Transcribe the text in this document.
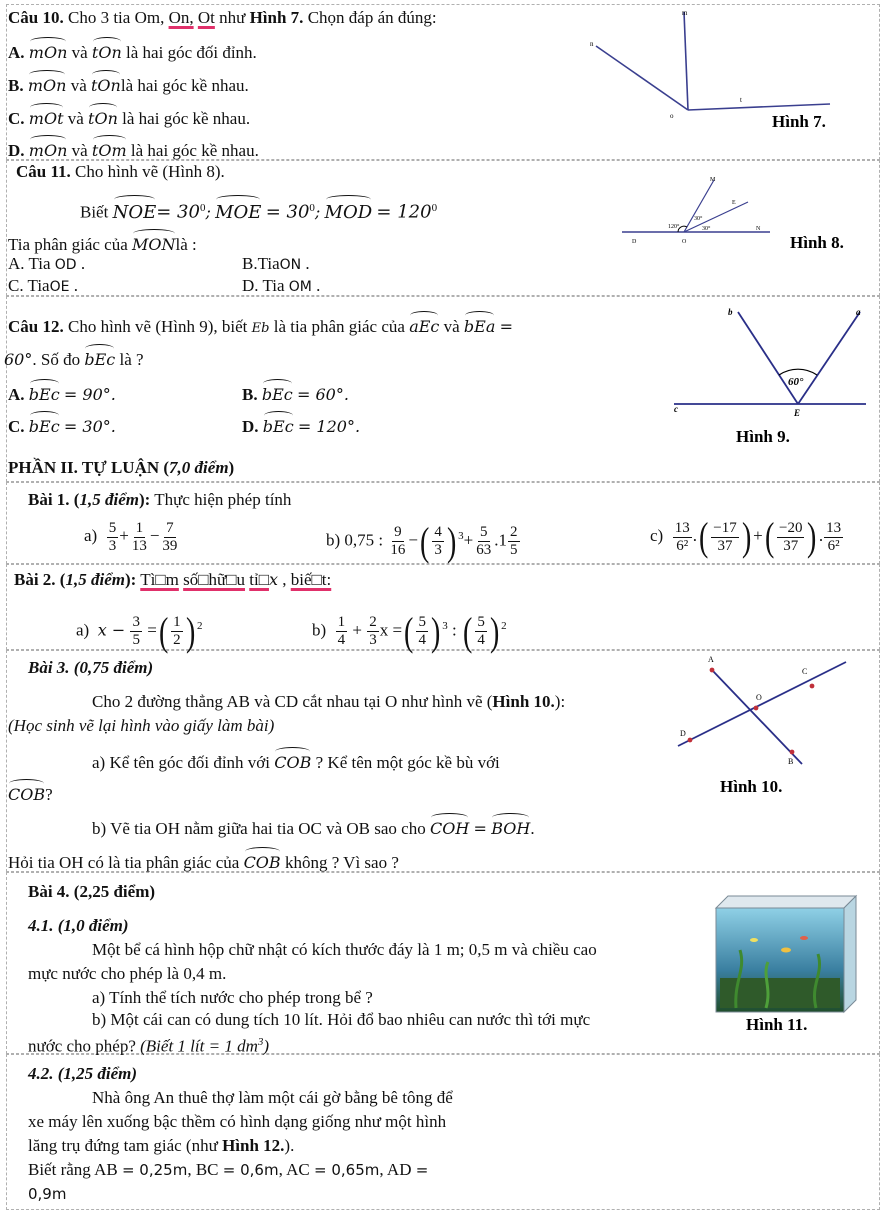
Câu 10. Cho 3 tia Om, On, Ot như Hình 7. Chọn đáp án đúng:
A. mOn và tOn là hai góc đối đỉnh.
B. mOn và tOnlà hai góc kề nhau.
C. mOt và tOn là hai góc kề nhau.
D. mOn và tOm là hai góc kề nhau.
m
n
t
o	Hình 7.
Câu 11. Cho hình vẽ (Hình 8).
Biết $NOE= 30^0$; MOE = $30^0$; MOD = $120^0$
Tia phân giác của MONlà :
A. Tia OD .	B.TiaON .
C. TiaOE .	D. Tia OM .
M
E
N
D	O
120°
30°
30°
Hình 8.
Câu 12. Cho hình vẽ (Hình 9), biết Eb là tia phân giác của aEc và bEa =
60°. Số đo bEc là ?
A. bEc = 90°.	B. bEc = 60°.
C. bEc = 30°.	D. bEc = 120°.
b	a
c	E
60°
Hình 9.
PHẦN II. TỰ LUẬN (7,0 điểm)
Bài 1. (1,5 điểm): Thực hiện phép tính
$a) \frac{5}{3} + \frac{1}{13} - \frac{7}{39}$	b) 0,75 : $\frac{9}{16}$ −( $\frac{4}{3}$ ) $^3+ \frac{5}{63} .1 \frac{2}{5}$	$c) \frac{13}{\text{6²}}$ .( $\frac{-17}{37}$ ) +( $\frac{-20}{37}$ ) . $\frac{13}{\text{6²}}$
Bài 2. (1,5 điểm): Tì□m số□hữ□u tỉ□x , biế□t:
a) $x - \frac{3}{5}$ =( $\frac{1}{2}$ ) $^2$	$b) \frac{1}{4} + \frac{2}{3}$ x =( $\frac{5}{4}$ ) $^3$ : ( $\frac{5}{4}$ ) $^2$
Bài 3. (0,75 điểm)
Cho 2 đường thẳng AB và CD cắt nhau tại O như hình vẽ (Hình 10.):
(Học sinh vẽ lại hình vào giấy làm bài)
a) Kể tên góc đối đỉnh với COB ? Kể tên một góc kề bù với
COB?
b) Vẽ tia OH nằm giữa hai tia OC và OB sao cho COH = BOH.
Hỏi tia OH có là tia phân giác của COB không ? Vì sao ?
A
C
O
D
B
Hình 10.
Bài 4. (2,25 điểm)
4.1. (1,0 điểm)
Một bể cá hình hộp chữ nhật có kích thước đáy là 1 m; 0,5 m và chiều cao
mực nước cho phép là 0,4 m.
a) Tính thể tích nước cho phép trong bể ?
b) Một cái can có dung tích 10 lít. Hỏi đổ bao nhiêu can nước thì tới mực
nước cho phép? (Biết 1 lít = 1 $dm^3$)
Hình 11.
4.2. (1,25 điểm)
Nhà ông An thuê thợ làm một cái gờ bằng bê tông để
xe máy lên xuống bậc thềm có hình dạng giống như một hình
lăng trụ đứng tam giác (như Hình 12.).
Biết rằng AB = 0,25m, BC = 0,6m, AC = 0,65m, AD =
0,9m
